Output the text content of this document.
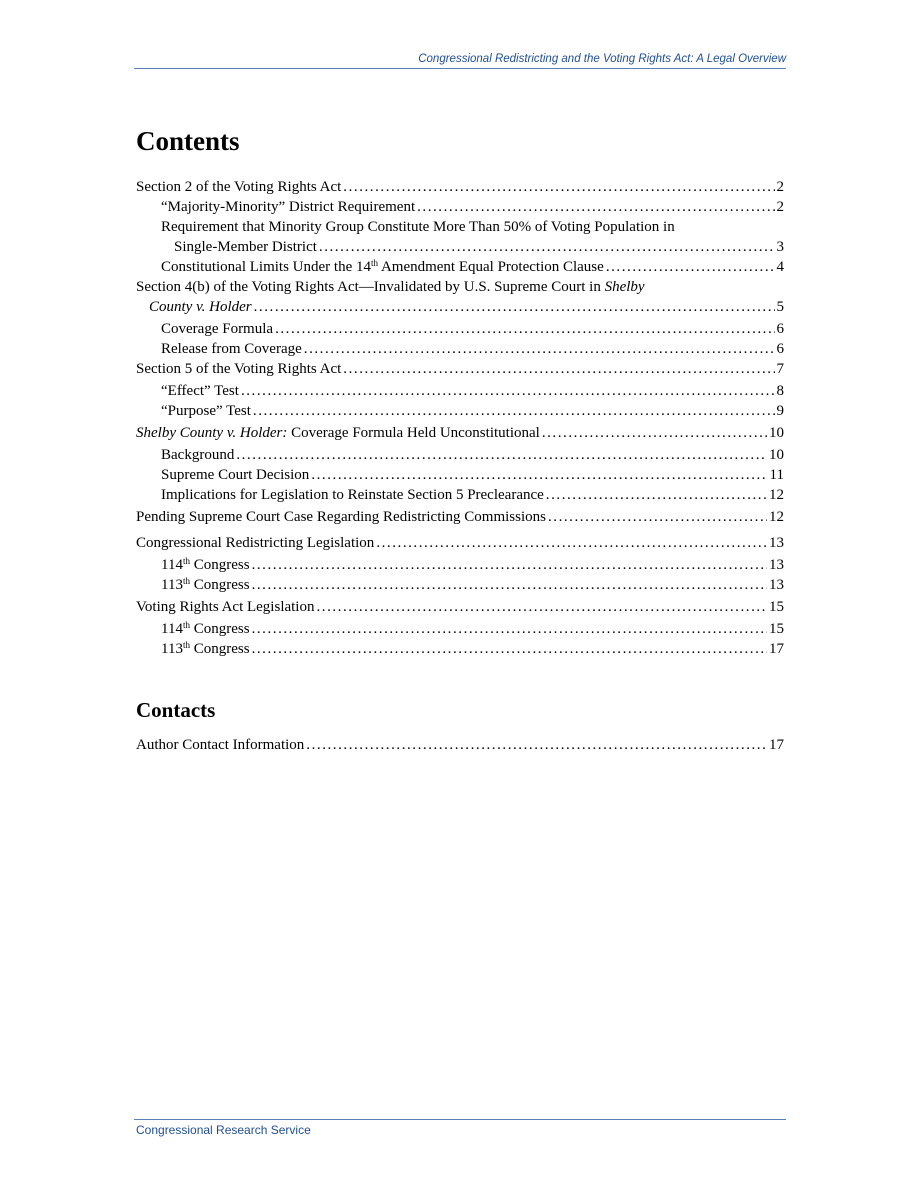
Congressional Redistricting and the Voting Rights Act: A Legal Overview
Contents
Section 2 of the Voting Rights Act . . .	2
“Majority-Minority” District Requirement . . .	2
Requirement that Minority Group Constitute More Than 50% of Voting Population in
Single-Member District . . .	3
Constitutional Limits Under the 14th Amendment Equal Protection Clause . . .	4
Section 4(b) of the Voting Rights Act—Invalidated by U.S. Supreme Court in Shelby
County v. Holder . . .	5
Coverage Formula . . .	6
Release from Coverage . . .	6
Section 5 of the Voting Rights Act . . .	7
“Effect” Test . . .	8
“Purpose” Test . . .	9
Shelby County v. Holder: Coverage Formula Held Unconstitutional . . .	10
Background . . .	10
Supreme Court Decision . . .	11
Implications for Legislation to Reinstate Section 5 Preclearance . . .	12
Pending Supreme Court Case Regarding Redistricting Commissions . . .	12
Congressional Redistricting Legislation . . .	13
114th Congress . . .	13
113th Congress . . .	13
Voting Rights Act Legislation . . .	15
114th Congress . . .	15
113th Congress . . .	17
Contacts
Author Contact Information . . .	17
Congressional Research Service
